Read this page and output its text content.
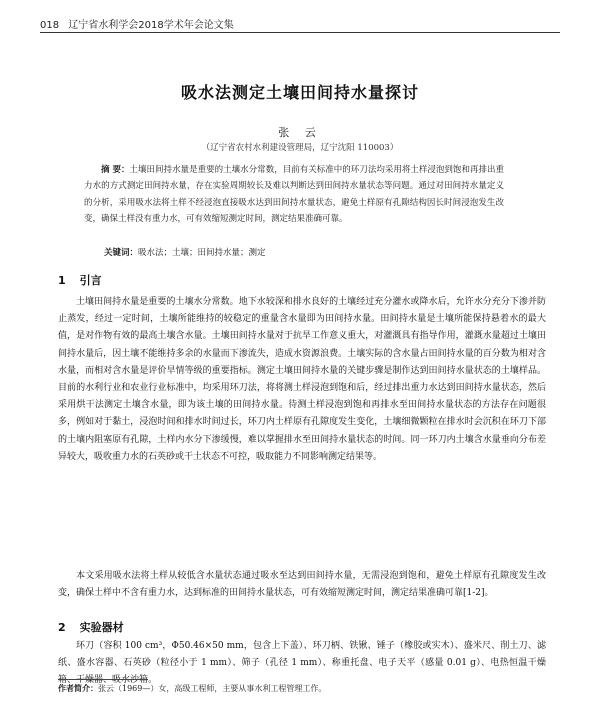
018 辽宁省水利学会2018学术年会论文集
吸水法测定土壤田间持水量探讨
张 云
（辽宁省农村水利建设管理局，辽宁沈阳 110003）

摘 要：土壤田间持水量是重要的土壤水分常数，目前有关标准中的环刀法均采用将土样浸泡到饱和再排出重力水的方式测定田间持水量，存在实验周期较长及难以判断达到田间持水量状态等问题。通过对田间持水量定义的分析，采用吸水法将土样不经浸泡直接吸水达到田间持水量状态，避免土样原有孔隙结构因长时间浸泡发生改变，确保土样没有重力水，可有效缩短测定时间，测定结果准确可靠。

关键词：吸水法；土壤；田间持水量；测定
1 引言

土壤田间持水量是重要的土壤水分常数。地下水较深和排水良好的土壤经过充分灌水或降水后，允许水分充分下渗并防止蒸发，经过一定时间，土壤所能维持的较稳定的重量含水量即为田间持水量。田间持水量是土壤所能保持悬着水的最大值，是对作物有效的最高土壤含水量。土壤田间持水量对于抗旱工作意义重大，对灌溉具有指导作用，灌溉水量超过土壤田间持水量后，因土壤不能维持多余的水量而下渗流失，造成水资源浪费。土壤实际的含水量占田间持水量的百分数为相对含水量，而相对含水量是评价旱情等级的重要指标。测定土壤田间持水量的关键步骤是制作达到田间持水量状态的土壤样品。目前的水利行业和农业行业标准中，均采用环刀法，将将测土样浸泡到饱和后，经过排出重力水达到田间持水量状态，然后采用烘干法测定土壤含水量，即为该土壤的田间持水量。待测土样浸泡到饱和再排水至田间持水量状态的方法存在问题很多，例如对于黏土，浸泡时间和排水时间过长，环刀内土样原有孔隙度发生变化，土壤细微颗粒在排水时会沉积在环刀下部的土壤内阻塞原有孔隙，土样内水分下渗缓慢，难以掌握排水至田间持水量状态的时间。同一环刀内土壤含水量垂向分布差异较大，吸收重力水的石英砂或干土状态不可控，吸取能力不同影响测定结果等。

本文采用吸水法将土样从较低含水量状态通过吸水至达到田间持水量，无需浸泡到饱和，避免土样原有孔隙度发生改变，确保土样中不含有重力水，达到标准的田间持水量状态，可有效缩短测定时间，测定结果准确可靠[1-2]。

2 实验器材

环刀（容积 100 cm³，Φ50.46×50 mm，包含上下盖）、环刀柄、铁锹、锤子（橡胶或实木）、盛米尺、削土刀、滤纸、盛水容器、石英砂（粒径小于 1 mm）、筛子（孔径 1 mm）、称重托盘、电子天平（感量 0.01 g）、电热恒温干燥箱、干燥器、吸水沙箱。

作者简介：张云（1969—）女，高级工程师，主要从事水利工程管理工作。
